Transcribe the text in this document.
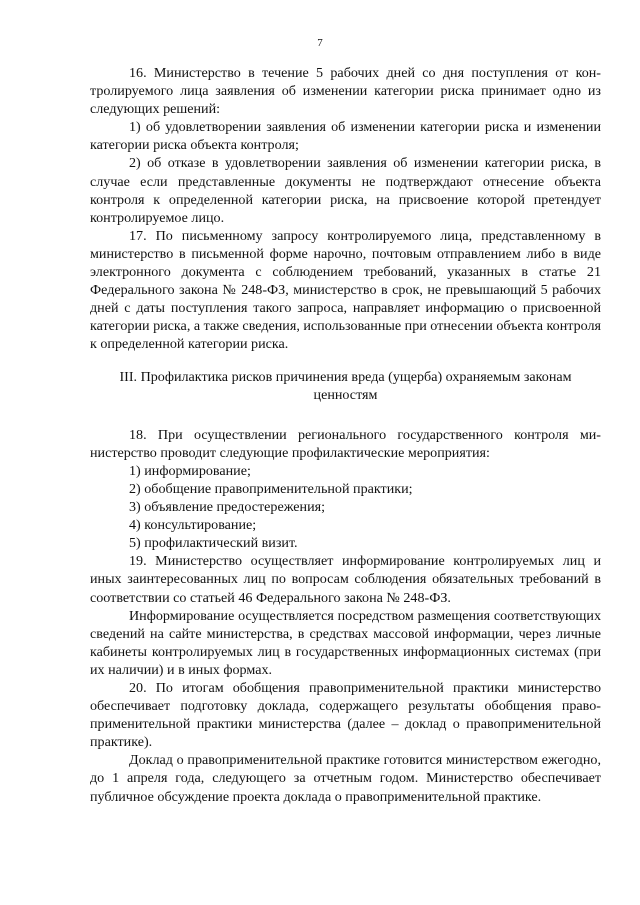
7

16. Министерство в течение 5 рабочих дней со дня поступления от контролируемого лица заявления об изменении категории риска принимает одно из следующих решений:

1) об удовлетворении заявления об изменении категории риска и изменении категории риска объекта контроля;

2) об отказе в удовлетворении заявления об изменении категории риска, в случае если представленные документы не подтверждают отнесение объекта контроля к определенной категории риска, на присвоение которой претендует контролируемое лицо.

17. По письменному запросу контролируемого лица, представленному в министерство в письменной форме нарочно, почтовым отправлением либо в виде электронного документа с соблюдением требований, указанных в статье 21 Федерального закона № 248-ФЗ, министерство в срок, не превышающий 5 рабочих дней с даты поступления такого запроса, направляет информацию о присвоенной категории риска, а также сведения, использованные при отнесении объекта контроля к определенной категории риска.

III. Профилактика рисков причинения вреда (ущерба) охраняемым законам ценностям

18. При осуществлении регионального государственного контроля министерство проводит следующие профилактические мероприятия:

1) информирование;

2) обобщение правоприменительной практики;

3) объявление предостережения;

4) консультирование;

5) профилактический визит.

19. Министерство осуществляет информирование контролируемых лиц и иных заинтересованных лиц по вопросам соблюдения обязательных требований в соответствии со статьей 46 Федерального закона № 248-ФЗ.

Информирование осуществляется посредством размещения соответствующих сведений на сайте министерства, в средствах массовой информации, через личные кабинеты контролируемых лиц в государственных информационных системах (при их наличии) и в иных формах.

20. По итогам обобщения правоприменительной практики министерство обеспечивает подготовку доклада, содержащего результаты обобщения правоприменительной практики министерства (далее – доклад о правоприменительной практике).

Доклад о правоприменительной практике готовится министерством ежегодно, до 1 апреля года, следующего за отчетным годом. Министерство обеспечивает публичное обсуждение проекта доклада о правоприменительной практике.
